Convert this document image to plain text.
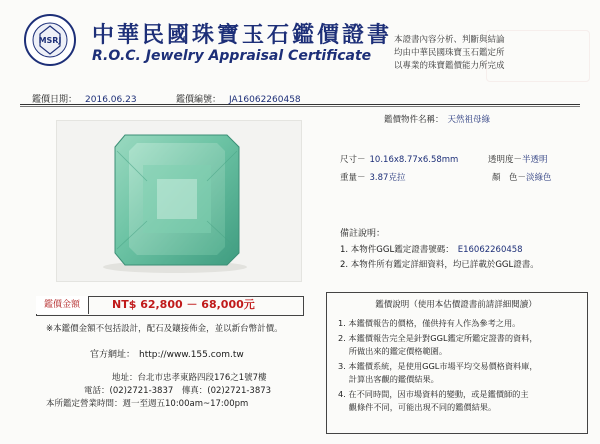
MSRJ 中華民國珠寶玉石鑑價證書
R.O.C. Jewelry Appraisal Certificate
本證書內容分析、判斷與結論
均由中華民國珠寶玉石鑑定所
以專業的珠寶鑑價能力所完成
鑑價日期： 2016.06.23	鑑價編號： JA16062260458
鑑價物件名稱： 天然祖母綠
尺寸－ 10.16x8.77x6.58mm
重量－ 3.87克拉
透明度－半透明
顏　色－淡綠色
備註說明：
1. 本物件GGL鑑定證書號碼： E16062260458
2. 本物件所有鑑定詳細資料，均已詳載於GGL證書。
鑑價金額	NT$ 62,800 － 68,000元
※本鑑價金額不包括設計，配石及鑲接佈金，並以新台幣計價。
官方網址： http://www.155.com.tw
地址：台北市忠孝東路四段176之1號7樓
電話：(02)2721-3837　傳真：(02)2721-3873
本所鑑定營業時間：週一至週五10:00am~17:00pm
鑑價說明（使用本估價證書前請詳細閱讀）
1. 本鑑價報告的價格，僅供持有人作為參考之用。
2. 本鑑價報告完全是針對GGL鑑定所鑑定證書的資料，
　 所做出來的鑑定價格範圍。
3. 本鑑價系統，是使用GGL市場平均交易價格資料庫，
　 計算出客觀的鑑價結果。
4. 在不同時間，因市場資料的變動，或是鑑價師的主
　 觀條件不同，可能出現不同的鑑價結果。
